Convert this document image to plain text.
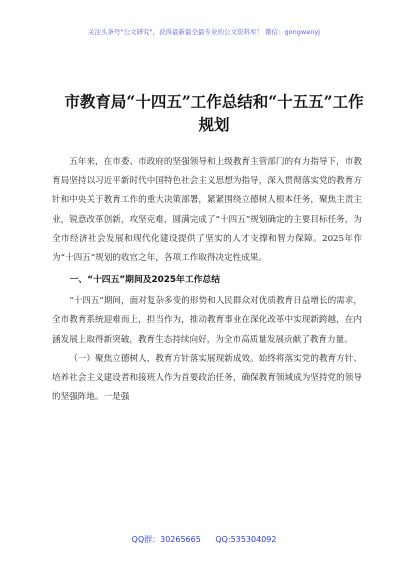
关注头条号"公文研究"，获得最新最全最专业的公文资料库！ 微信：gongwenyj
市教育局“十四五”工作总结和“十五五”工作规划

五年来，在市委、市政府的坚强领导和上级教育主管部门的有力指导下，市教育局坚持以习近平新时代中国特色社会主义思想为指导，深入贯彻落实党的教育方针和中央关于教育工作的重大决策部署，紧紧围绕立德树人根本任务，聚焦主责主业，锐意改革创新，攻坚克难，圆满完成了“十四五”规划确定的主要目标任务，为全市经济社会发展和现代化建设提供了坚实的人才支撑和智力保障。2025年作为“十四五”规划的收官之年，各项工作取得决定性成果。

一、“十四五”期间及2025年工作总结

“十四五”期间，面对复杂多变的形势和人民群众对优质教育日益增长的需求，全市教育系统迎难而上，担当作为，推动教育事业在深化改革中实现新跨越，在内涵发展上取得新突破，教育生态持续向好，为全市高质量发展贡献了教育力量。

（一）聚焦立德树人，教育方针落实展现新成效。始终将落实党的教育方针、培养社会主义建设者和接班人作为首要政治任务，确保教育领域成为坚持党的领导的坚强阵地。一是强

QQ群：30265665 QQ:535304092
